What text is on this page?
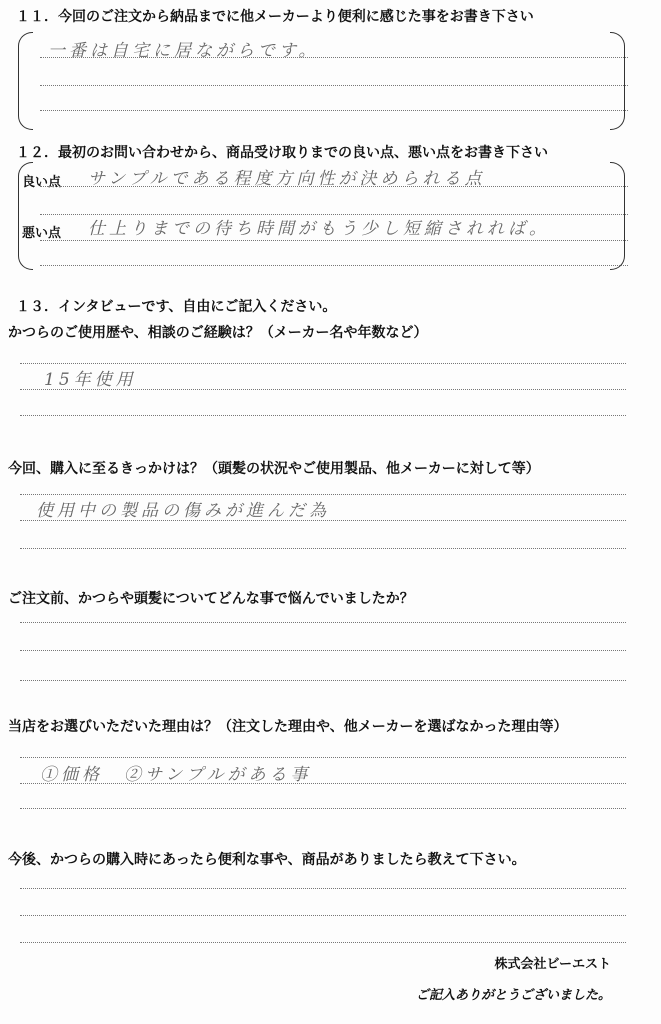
１１．今回のご注文から納品までに他メーカーより便利に感じた事をお書き下さい
一番は自宅に居ながらです。
１２．最初のお問い合わせから、商品受け取りまでの良い点、悪い点をお書き下さい
良い点 サンプルである程度方向性が決められる点
悪い点 仕上りまでの待ち時間がもう少し短縮されれば。
１３．インタビューです、自由にご記入ください。
かつらのご使用歴や、相談のご経験は？（メーカー名や年数など）
15年使用
今回、購入に至るきっかけは？（頭髪の状況やご使用製品、他メーカーに対して等）
使用中の製品の傷みが進んだ為
ご注文前、かつらや頭髪についてどんな事で悩んでいましたか？
当店をお選びいただいた理由は？（注文した理由や、他メーカーを選ばなかった理由等）
①価格　②サンプルがある事
今後、かつらの購入時にあったら便利な事や、商品がありましたら教えて下さい。
株式会社ビーエスト
ご記入ありがとうございました。
